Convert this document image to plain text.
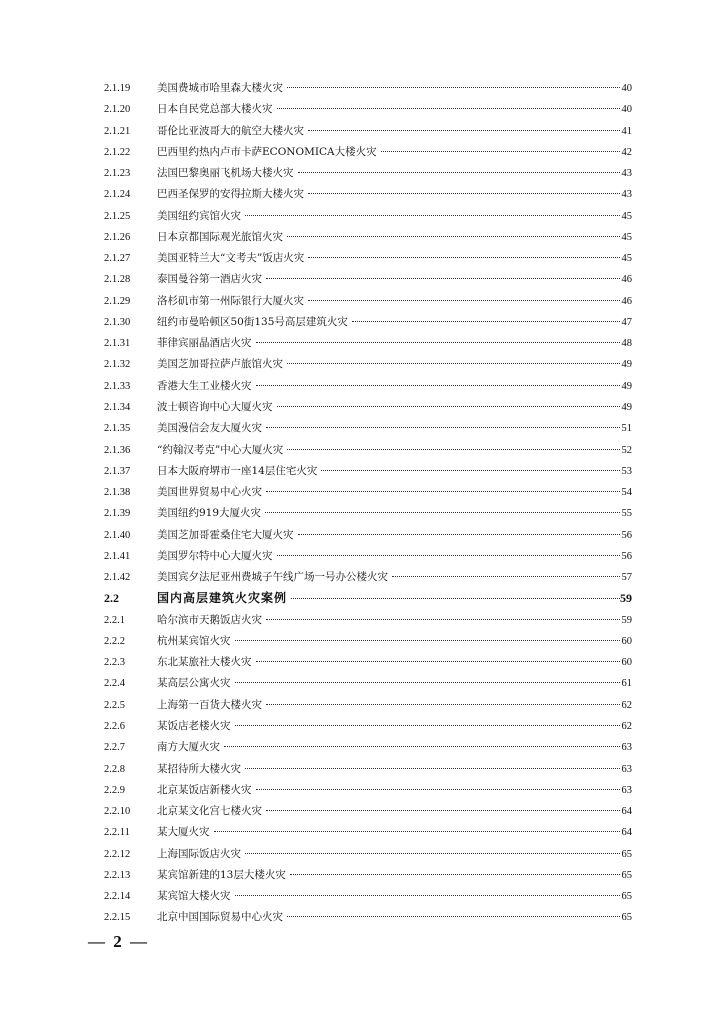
2.1.19	美国费城市哈里森大楼火灾	40
2.1.20	日本自民党总部大楼火灾	40
2.1.21	哥伦比亚波哥大的航空大楼火灾	41
2.1.22	巴西里约热内卢市卡萨ECONOMICA大楼火灾	42
2.1.23	法国巴黎奥丽飞机场大楼火灾	43
2.1.24	巴西圣保罗的安得拉斯大楼火灾	43
2.1.25	美国纽约宾馆火灾	45
2.1.26	日本京都国际观光旅馆火灾	45
2.1.27	美国亚特兰大“文考夫”饭店火灾	45
2.1.28	泰国曼谷第一酒店火灾	46
2.1.29	洛杉矶市第一州际银行大厦火灾	46
2.1.30	纽约市曼哈顿区50街135号高层建筑火灾	47
2.1.31	菲律宾丽晶酒店火灾	48
2.1.32	美国芝加哥拉萨卢旅馆火灾	49
2.1.33	香港大生工业楼火灾	49
2.1.34	波士顿咨询中心大厦火灾	49
2.1.35	美国漫信会友大厦火灾	51
2.1.36	“约翰汉考克”中心大厦火灾	52
2.1.37	日本大阪府堺市一座14层住宅火灾	53
2.1.38	美国世界贸易中心火灾	54
2.1.39	美国纽约919大厦火灾	55
2.1.40	美国芝加哥霍桑住宅大厦火灾	56
2.1.41	美国罗尔特中心大厦火灾	56
2.1.42	美国宾夕法尼亚州费城子午线广场一号办公楼火灾	57
2.2	国内高层建筑火灾案例	59
2.2.1	哈尔滨市天鹅饭店火灾	59
2.2.2	杭州某宾馆火灾	60
2.2.3	东北某旅社大楼火灾	60
2.2.4	某高层公寓火灾	61
2.2.5	上海第一百货大楼火灾	62
2.2.6	某饭店老楼火灾	62
2.2.7	南方大厦火灾	63
2.2.8	某招待所大楼火灾	63
2.2.9	北京某饭店新楼火灾	63
2.2.10	北京某文化宫七楼火灾	64
2.2.11	某大厦火灾	64
2.2.12	上海国际饭店火灾	65
2.2.13	某宾馆新建的13层大楼火灾	65
2.2.14	某宾馆大楼火灾	65
2.2.15	北京中国国际贸易中心火灾	65
— 2 —
